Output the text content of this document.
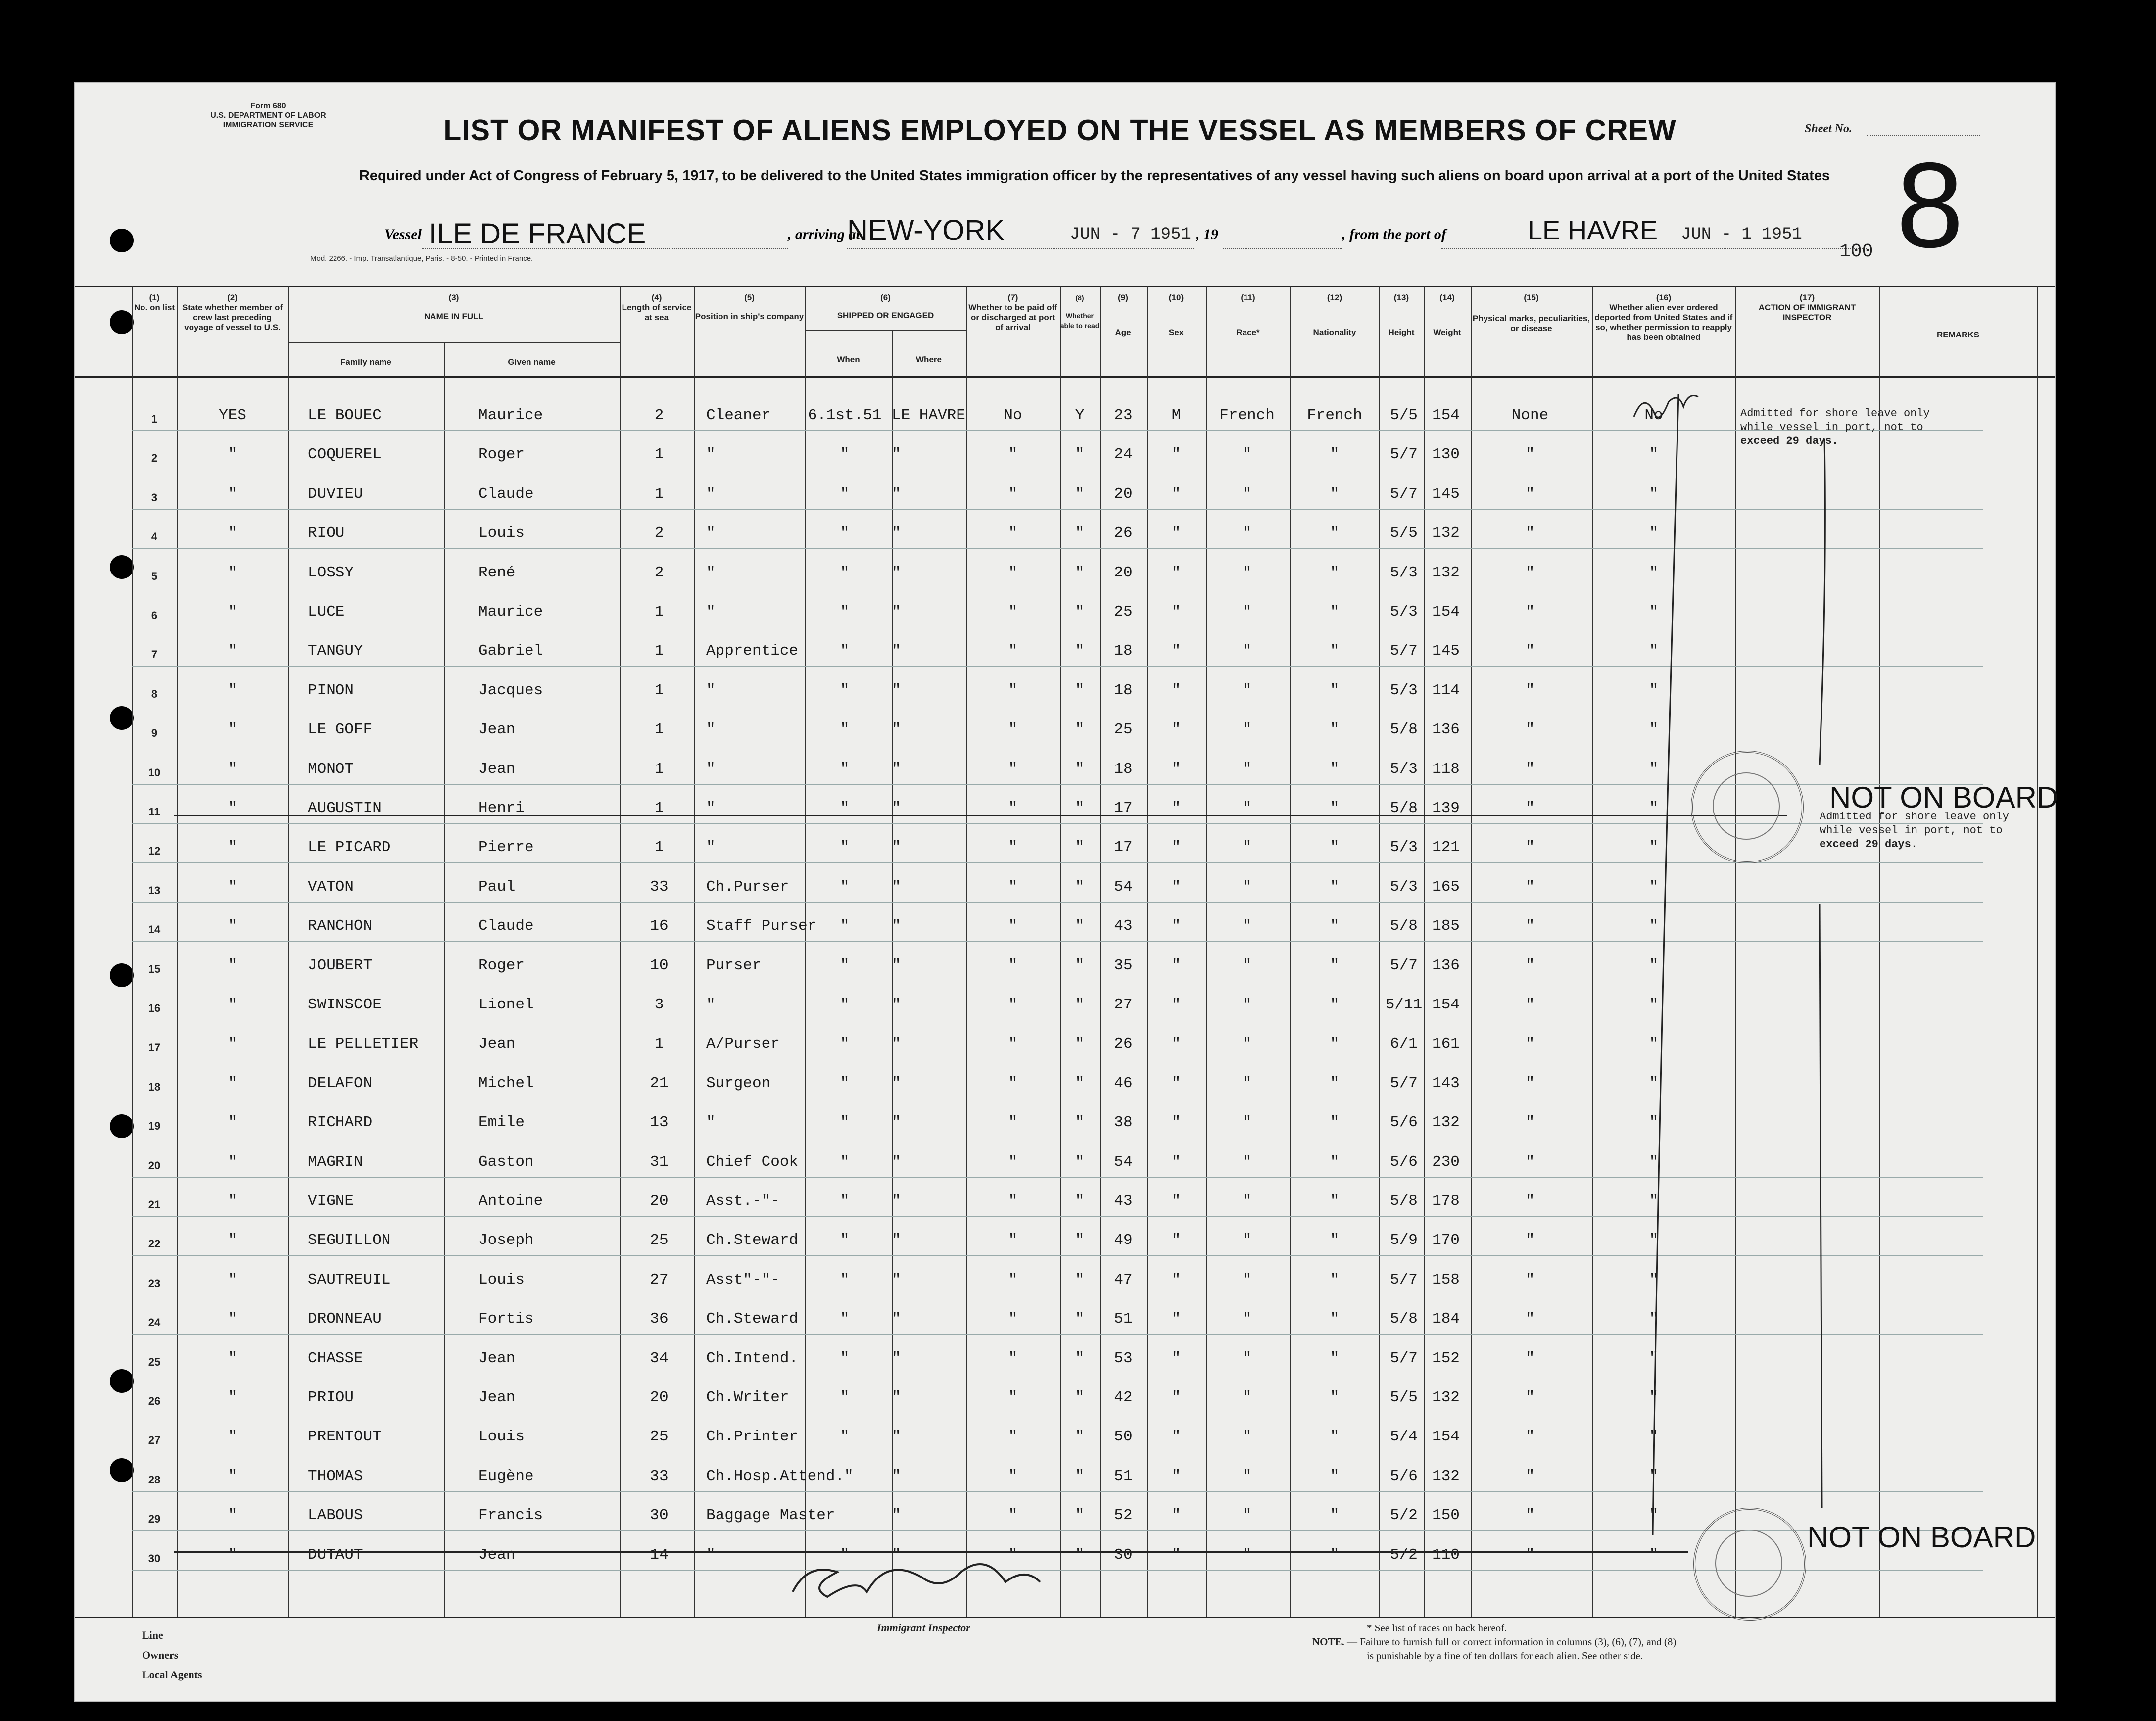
Form 680
U.S. DEPARTMENT OF LABOR
IMMIGRATION SERVICE	LIST OR MANIFEST OF ALIENS EMPLOYED ON THE VESSEL AS MEMBERS OF CREW	Sheet No.
Required under Act of Congress of February 5, 1917, to be delivered to the United States immigration officer by the representatives of any vessel having such aliens on board upon arrival at a port of the United States 8
Vessel ILE DE FRANCE	, arriving at
NEW-YORK	JUN - 7 1951 , 19	, from the port of	LE HAVRE JUN - 1 1951
100
Mod. 2266. - Imp. Transatlantique, Paris. - 8-50. - Printed in France.
(1)
No. on list
(2)
State whether member of crew last preceding voyage of vessel to U.S.
(3)
NAME IN FULL
Family name	Given name
(4)
Length of service at sea
(5)
Position in ship's company
(6)
SHIPPED OR ENGAGED
When	Where
(7)
Whether to be paid off or discharged at port of arrival
(8)
Whether able to read
(9)
Age
(10)
Sex
(11)
Race*
(12)
Nationality
(13)
Height
(14)
Weight
(15)
Physical marks, peculiarities, or disease
(16)
Whether alien ever ordered deported from United States and if so, whether permission to reapply has been obtained
(17)
ACTION OF IMMIGRANT INSPECTOR
REMARKS
1	YES	LE BOUEC	Maurice	2	Cleaner 6.1st.51 LE HAVRE	No	Y 23	M	French French 5/5 154	None	No
2	"	COQUEREL	Roger	1	"	"	"	"	" 24	"	"	"	5/7 130	"	"
3	"	DUVIEU	Claude	1	"	"	"	"	" 20	"	"	"	5/7 145	"	"
4	"	RIOU	Louis	2	"	"	"	"	" 26	"	"	"	5/5 132	"	"
5	"	LOSSY	René	2	"	"	"	"	" 20	"	"	"	5/3 132	"	"
6	"	LUCE	Maurice	1	"	"	"	"	" 25	"	"	"	5/3 154	"	"
7	"	TANGUY	Gabriel	1	Apprentice	"	"	"	" 18	"	"	"	5/7 145	"	"
8	"	PINON	Jacques	1	"	"	"	"	" 18	"	"	"	5/3 114	"	"
9	"	LE GOFF	Jean	1	"	"	"	"	" 25	"	"	"	5/8 136	"	"
10	"	MONOT	Jean	1	"	"	"	"	" 18	"	"	"	5/3 118	"	"
11	"	AUGUSTIN	Henri	1	"	"	"	"	" 17	"	"	"	5/8 139	"	"
12	"	LE PICARD	Pierre	1	"	"	"	"	" 17	"	"	"	5/3 121	"	"
13	"	VATON	Paul	33 Ch.Purser	"	"	"	" 54	"	"	"	5/3 165	"	"
14	"	RANCHON	Claude	16 Staff Purser "	"	"	" 43	"	"	"	5/8 185	"	"
15	"	JOUBERT	Roger	10 Purser	"	"	"	" 35	"	"	"	5/7 136	"	"
16	"	SWINSCOE	Lionel	3	"	"	"	"	" 27	"	"	"	5/11 154	"	"
17	"	LE PELLETIER	Jean	1	A/Purser	"	"	"	" 26	"	"	"	6/1 161	"	"
18	"	DELAFON	Michel	21 Surgeon	"	"	"	" 46	"	"	"	5/7 143	"	"
19	"	RICHARD	Emile	13 "	"	"	"	" 38	"	"	"	5/6 132	"	"
20	"	MAGRIN	Gaston	31 Chief Cook	"	"	"	" 54	"	"	"	5/6 230	"	"
21	"	VIGNE	Antoine	20 Asst.-"-	"	"	"	" 43	"	"	"	5/8 178	"	"
22	"	SEGUILLON	Joseph	25 Ch.Steward	"	"	"	" 49	"	"	"	5/9 170	"	"
23	"	SAUTREUIL	Louis	27 Asst"-"-	"	"	"	" 47	"	"	"	5/7 158	"	"
24	"	DRONNEAU	Fortis	36 Ch.Steward	"	"	"	" 51	"	"	"	5/8 184	"	"
25	"	CHASSE	Jean	34 Ch.Intend.	"	"	"	" 53	"	"	"	5/7 152	"	"
26	"	PRIOU	Jean	20 Ch.Writer	"	"	"	" 42	"	"	"	5/5 132	"	"
27	"	PRENTOUT	Louis	25 Ch.Printer	"	"	"	" 50	"	"	"	5/4 154	"	"
28	"	THOMAS	Eugène	33 Ch.Hosp.Attend." "	"	" 51	"	"	"	5/6 132	"	"
29	"	LABOUS	Francis	30 Baggage Master	"	"	" 52	"	"	"	5/2 150	"	"
30	"	DUTAUT	Jean	14 "	"	"	"	" 30	"	"	"	5/2 110	"	"
Admitted for shore leave only
while vessel in port, not to
exceed 29 days.
Admitted for shore leave only
while vessel in port, not to
exceed 29 days.
NOT ON BOARD
NOT ON BOARD
Line
Owners
Local Agents
Immigrant Inspector	* See list of races on back hereof.
NOTE. — Failure to furnish full or correct information in columns (3), (6), (7), and (8)
is punishable by a fine of ten dollars for each alien. See other side.
